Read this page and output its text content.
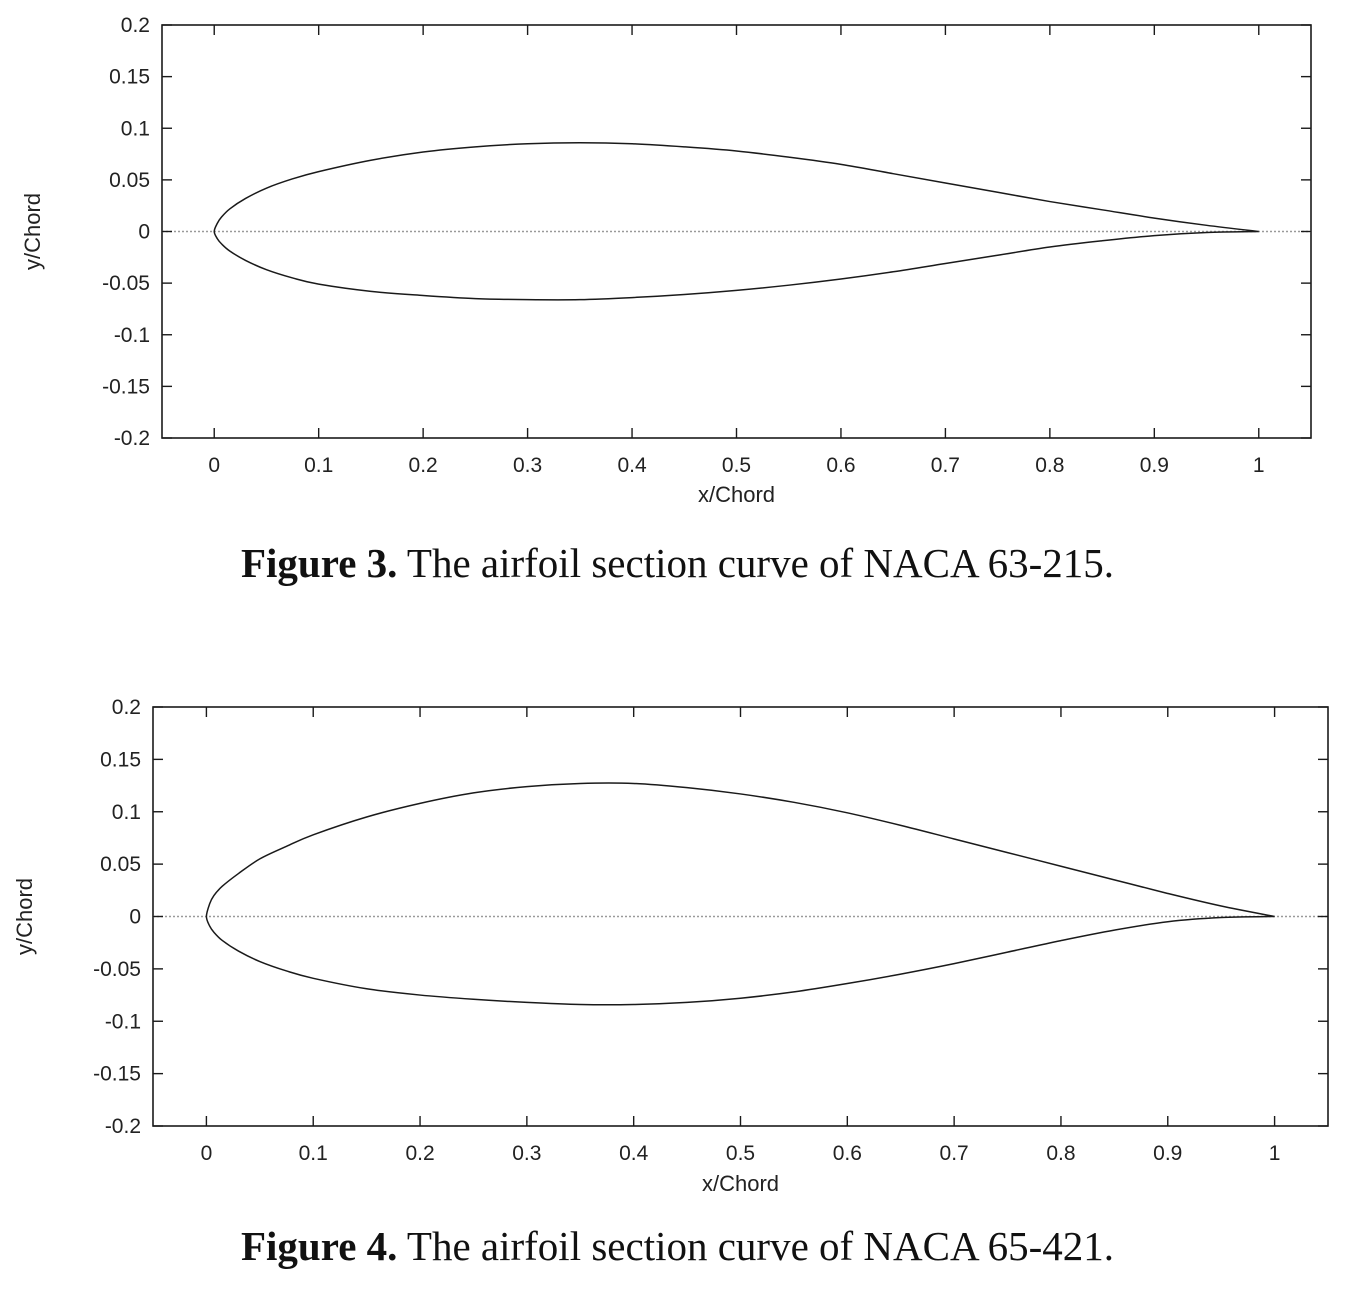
0.2
0.15
0.1
0.05
0
-0.05
-0.1
-0.15
-0.2
0	0.1	0.2	0.3	0.4	0.5	0.6	0.7	0.8	0.9	1
x/Chord
y/Chord
0.2
0.15
0.1
0.05
0
-0.05
-0.1
-0.15
-0.2
0	0.1	0.2	0.3	0.4	0.5	0.6	0.7	0.8	0.9	1
x/Chord
y/Chord
Figure 3. The airfoil section curve of NACA 63-215.
Figure 4. The airfoil section curve of NACA 65-421.
